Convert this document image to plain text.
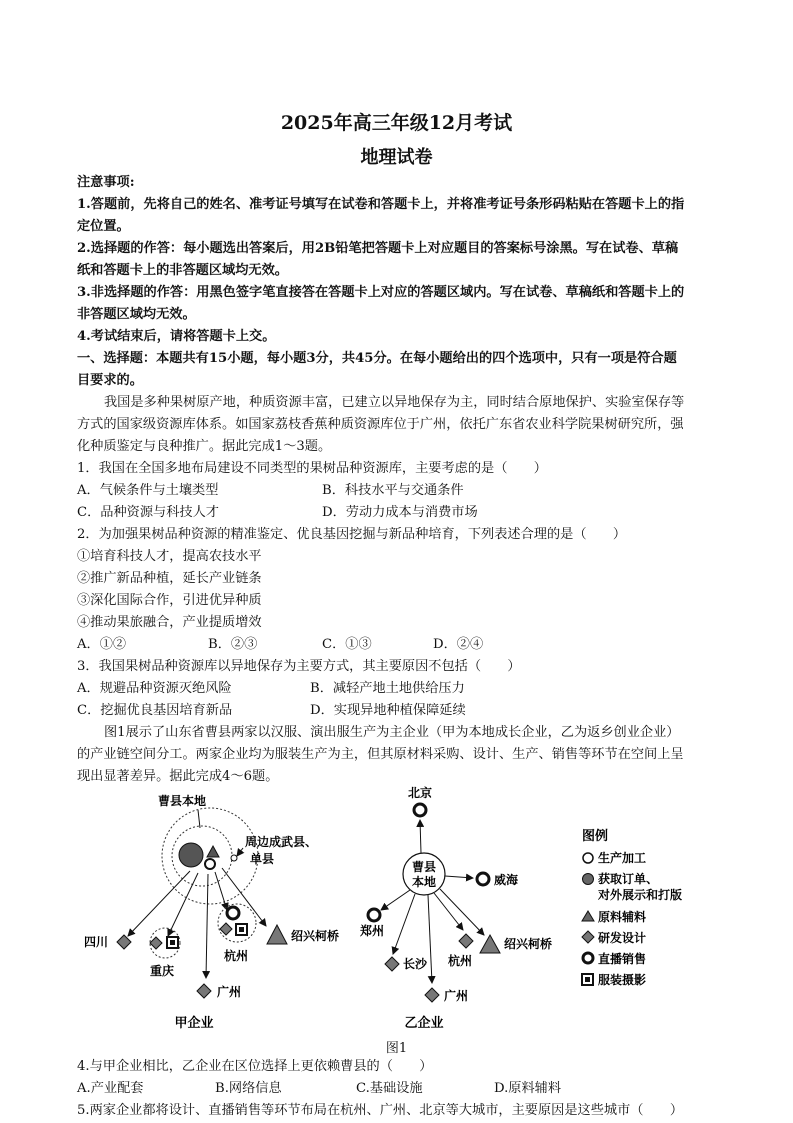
2025年高三年级12月考试
地理试卷
注意事项:
1.答题前，先将自己的姓名、准考证号填写在试卷和答题卡上，并将准考证号条形码粘贴在答题卡上的指
定位置。
2.选择题的作答：每小题选出答案后，用2B铅笔把答题卡上对应题目的答案标号涂黑。写在试卷、草稿
纸和答题卡上的非答题区域均无效。
3.非选择题的作答：用黑色签字笔直接答在答题卡上对应的答题区域内。写在试卷、草稿纸和答题卡上的
非答题区域均无效。
4.考试结束后，请将答题卡上交。
一、选择题：本题共有15小题，每小题3分，共45分。在每小题给出的四个选项中，只有一项是符合题
目要求的。
我国是多种果树原产地，种质资源丰富，已建立以异地保存为主，同时结合原地保护、实验室保存等
方式的国家级资源库体系。如国家荔枝香蕉种质资源库位于广州，依托广东省农业科学院果树研究所，强
化种质鉴定与良种推广。据此完成1～3题。
1．我国在全国多地布局建设不同类型的果树品种资源库，主要考虑的是（　　）
A．气候条件与土壤类型	B．科技水平与交通条件
C．品种资源与科技人才	D．劳动力成本与消费市场
2．为加强果树品种资源的精准鉴定、优良基因挖掘与新品种培育，下列表述合理的是（　　）
①培育科技人才，提高农技水平
②推广新品种植，延长产业链条
③深化国际合作，引进优异种质
④推动果旅融合，产业提质增效
A．①②	B．②③	C．①③	D．②④
3．我国果树品种资源库以异地保存为主要方式，其主要原因不包括（　　）
A．规避品种资源灭绝风险	B．减轻产地土地供给压力
C．挖掘优良基因培育新品	D．实现异地种植保障延续
图1展示了山东省曹县两家以汉服、演出服生产为主企业（甲为本地成长企业，乙为返乡创业企业）
的产业链空间分工。两家企业均为服装生产为主，但其原材料采购、设计、生产、销售等环节在空间上呈
现出显著差异。据此完成4～6题。
曹县本地
周边成武县、
单县
四川
重庆
杭州
绍兴柯桥
广州
甲企业
北京
曹县
本地	威海
郑州
长沙 杭州
绍兴柯桥
广州
乙企业
图例
生产加工
获取订单、
对外展示和打版
原料辅料
研发设计
直播销售
服装摄影
图1
4.与甲企业相比，乙企业在区位选择上更依赖曹县的（　　）
A.产业配套	B.网络信息	C.基础设施	D.原料辅料
5.两家企业都将设计、直播销售等环节布局在杭州、广州、北京等大城市，主要原因是这些城市（　　）
